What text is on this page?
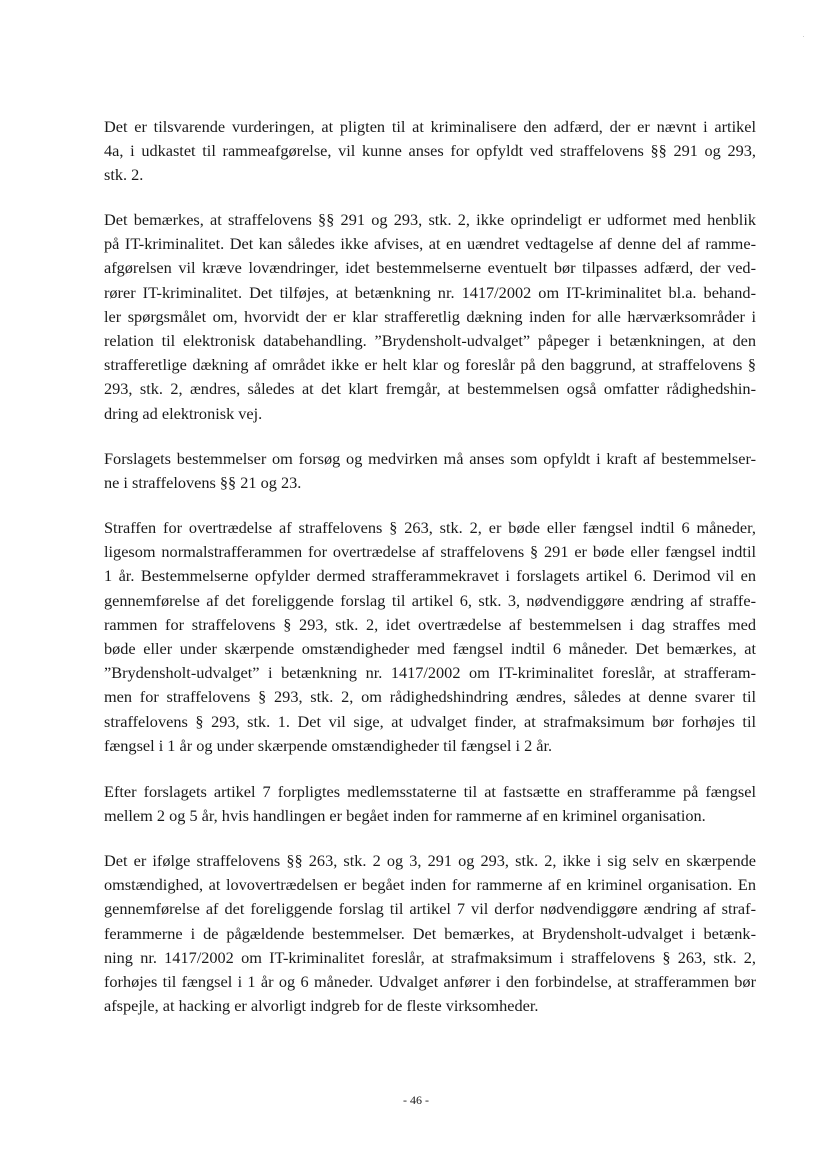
Det er tilsvarende vurderingen, at pligten til at kriminalisere den adfærd, der er nævnt i artikel
4a, i udkastet til rammeafgørelse, vil kunne anses for opfyldt ved straffelovens §§ 291 og 293,
stk. 2.

Det bemærkes, at straffelovens §§ 291 og 293, stk. 2, ikke oprindeligt er udformet med henblik
på IT-kriminalitet. Det kan således ikke afvises, at en uændret vedtagelse af denne del af ramme-
afgørelsen vil kræve lovændringer, idet bestemmelserne eventuelt bør tilpasses adfærd, der ved-
rører IT-kriminalitet. Det tilføjes, at betænkning nr. 1417/2002 om IT-kriminalitet bl.a. behand-
ler spørgsmålet om, hvorvidt der er klar strafferetlig dækning inden for alle hærværksområder i
relation til elektronisk databehandling. ”Brydensholt-udvalget” påpeger i betænkningen, at den
strafferetlige dækning af området ikke er helt klar og foreslår på den baggrund, at straffelovens §
293, stk. 2, ændres, således at det klart fremgår, at bestemmelsen også omfatter rådighedshin-
dring ad elektronisk vej.

Forslagets bestemmelser om forsøg og medvirken må anses som opfyldt i kraft af bestemmelser-
ne i straffelovens §§ 21 og 23.

Straffen for overtrædelse af straffelovens § 263, stk. 2, er bøde eller fængsel indtil 6 måneder,
ligesom normalstrafferammen for overtrædelse af straffelovens § 291 er bøde eller fængsel indtil
1 år. Bestemmelserne opfylder dermed strafferammekravet i forslagets artikel 6. Derimod vil en
gennemførelse af det foreliggende forslag til artikel 6, stk. 3, nødvendiggøre ændring af straffe-
rammen for straffelovens § 293, stk. 2, idet overtrædelse af bestemmelsen i dag straffes med
bøde eller under skærpende omstændigheder med fængsel indtil 6 måneder. Det bemærkes, at
”Brydensholt-udvalget” i betænkning nr. 1417/2002 om IT-kriminalitet foreslår, at strafferam-
men for straffelovens § 293, stk. 2, om rådighedshindring ændres, således at denne svarer til
straffelovens § 293, stk. 1. Det vil sige, at udvalget finder, at strafmaksimum bør forhøjes til
fængsel i 1 år og under skærpende omstændigheder til fængsel i 2 år.

Efter forslagets artikel 7 forpligtes medlemsstaterne til at fastsætte en strafferamme på fængsel
mellem 2 og 5 år, hvis handlingen er begået inden for rammerne af en kriminel organisation.

Det er ifølge straffelovens §§ 263, stk. 2 og 3, 291 og 293, stk. 2, ikke i sig selv en skærpende
omstændighed, at lovovertrædelsen er begået inden for rammerne af en kriminel organisation. En
gennemførelse af det foreliggende forslag til artikel 7 vil derfor nødvendiggøre ændring af straf-
ferammerne i de pågældende bestemmelser. Det bemærkes, at Brydensholt-udvalget i betænk-
ning nr. 1417/2002 om IT-kriminalitet foreslår, at strafmaksimum i straffelovens § 263, stk. 2,
forhøjes til fængsel i 1 år og 6 måneder. Udvalget anfører i den forbindelse, at strafferammen bør
afspejle, at hacking er alvorligt indgreb for de fleste virksomheder.

- 46 -
